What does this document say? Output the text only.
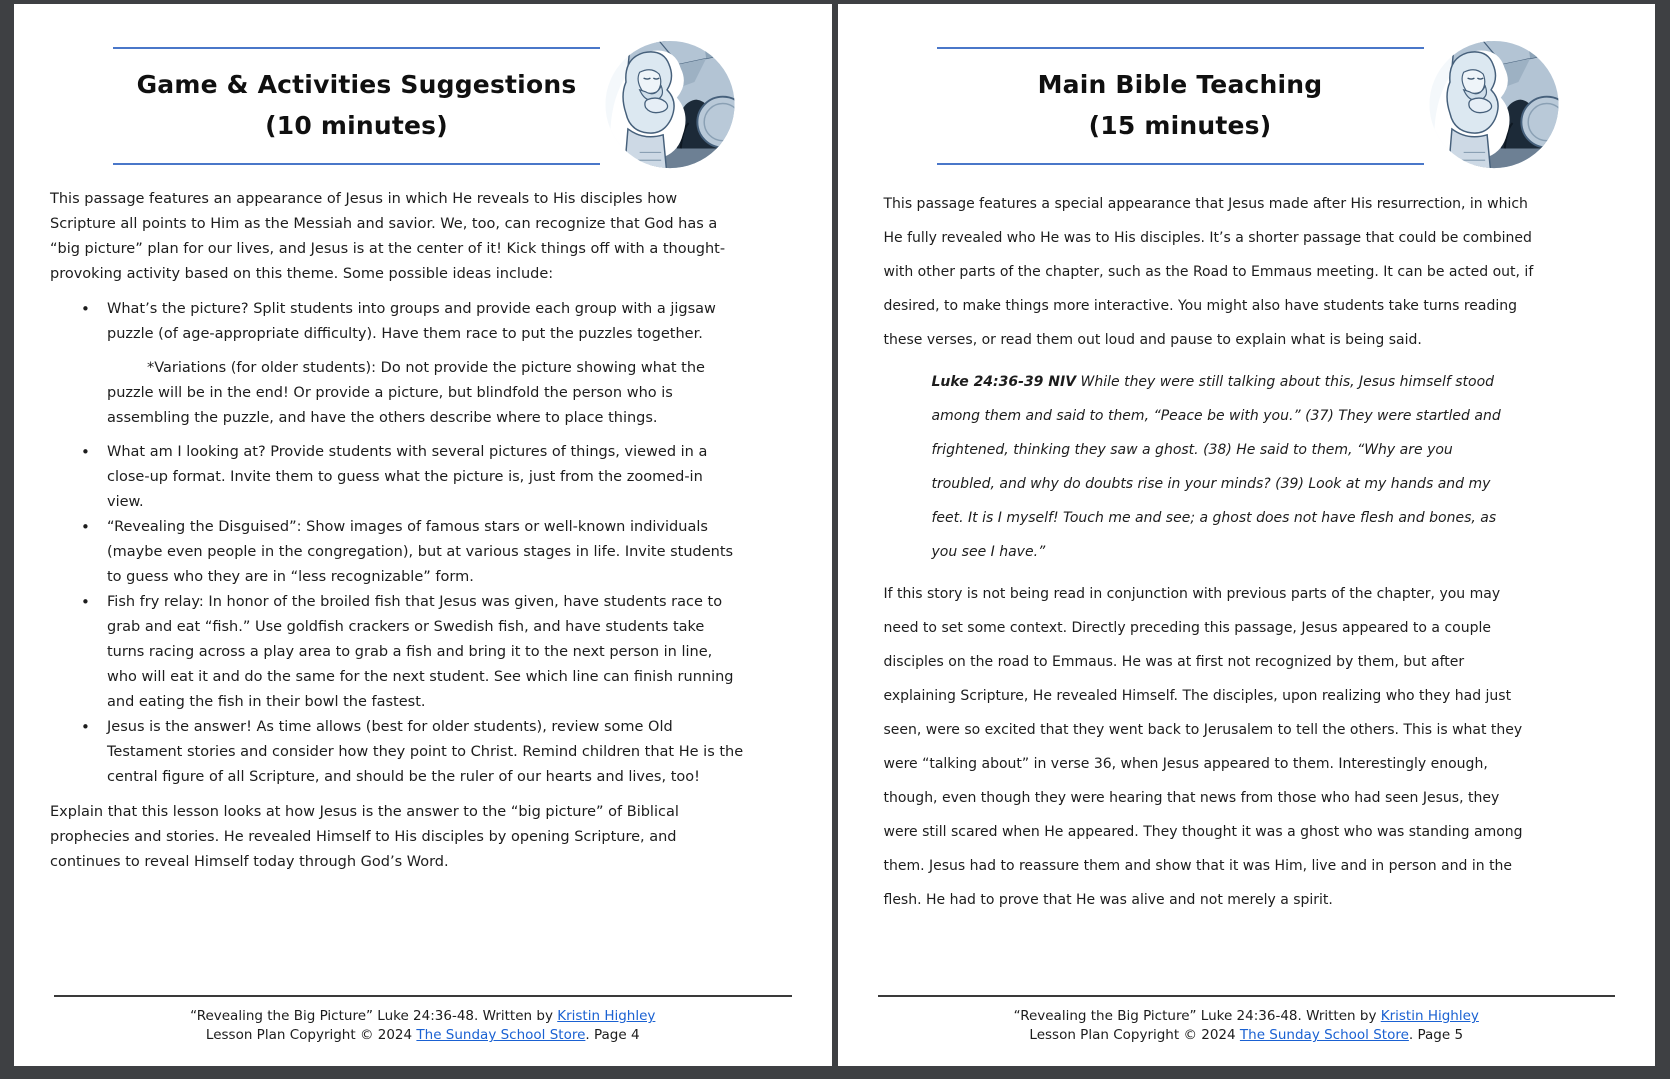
Game & Activities Suggestions
(10 minutes)

This passage features an appearance of Jesus in which He reveals to His disciples how Scripture all points to Him as the Messiah and savior. We, too, can recognize that God has a “big picture” plan for our lives, and Jesus is at the center of it! Kick things off with a thought-provoking activity based on this theme. Some possible ideas include:

• What’s the picture? Split students into groups and provide each group with a jigsaw puzzle (of age-appropriate difficulty). Have them race to put the puzzles together.
*Variations (for older students): Do not provide the picture showing what the puzzle will be in the end! Or provide a picture, but blindfold the person who is assembling the puzzle, and have the others describe where to place things.
• What am I looking at? Provide students with several pictures of things, viewed in a close-up format. Invite them to guess what the picture is, just from the zoomed-in view.
• “Revealing the Disguised”: Show images of famous stars or well-known individuals (maybe even people in the congregation), but at various stages in life. Invite students to guess who they are in “less recognizable” form.
• Fish fry relay: In honor of the broiled fish that Jesus was given, have students race to grab and eat “fish.” Use goldfish crackers or Swedish fish, and have students take turns racing across a play area to grab a fish and bring it to the next person in line, who will eat it and do the same for the next student. See which line can finish running and eating the fish in their bowl the fastest.
• Jesus is the answer! As time allows (best for older students), review some Old Testament stories and consider how they point to Christ. Remind children that He is the central figure of all Scripture, and should be the ruler of our hearts and lives, too!

Explain that this lesson looks at how Jesus is the answer to the “big picture” of Biblical prophecies and stories. He revealed Himself to His disciples by opening Scripture, and continues to reveal Himself today through God’s Word.

“Revealing the Big Picture” Luke 24:36-48. Written by Kristin Highley
Lesson Plan Copyright © 2024 The Sunday School Store. Page 4
Main Bible Teaching
(15 minutes)

This passage features a special appearance that Jesus made after His resurrection, in which He fully revealed who He was to His disciples. It’s a shorter passage that could be combined with other parts of the chapter, such as the Road to Emmaus meeting. It can be acted out, if desired, to make things more interactive. You might also have students take turns reading these verses, or read them out loud and pause to explain what is being said.

Luke 24:36-39 NIV While they were still talking about this, Jesus himself stood among them and said to them, “Peace be with you.” (37) They were startled and frightened, thinking they saw a ghost. (38) He said to them, “Why are you troubled, and why do doubts rise in your minds? (39) Look at my hands and my feet. It is I myself! Touch me and see; a ghost does not have flesh and bones, as you see I have.”

If this story is not being read in conjunction with previous parts of the chapter, you may need to set some context. Directly preceding this passage, Jesus appeared to a couple disciples on the road to Emmaus. He was at first not recognized by them, but after explaining Scripture, He revealed Himself. The disciples, upon realizing who they had just seen, were so excited that they went back to Jerusalem to tell the others. This is what they were “talking about” in verse 36, when Jesus appeared to them. Interestingly enough, though, even though they were hearing that news from those who had seen Jesus, they were still scared when He appeared. They thought it was a ghost who was standing among them. Jesus had to reassure them and show that it was Him, live and in person and in the flesh. He had to prove that He was alive and not merely a spirit.

“Revealing the Big Picture” Luke 24:36-48. Written by Kristin Highley
Lesson Plan Copyright © 2024 The Sunday School Store. Page 5
